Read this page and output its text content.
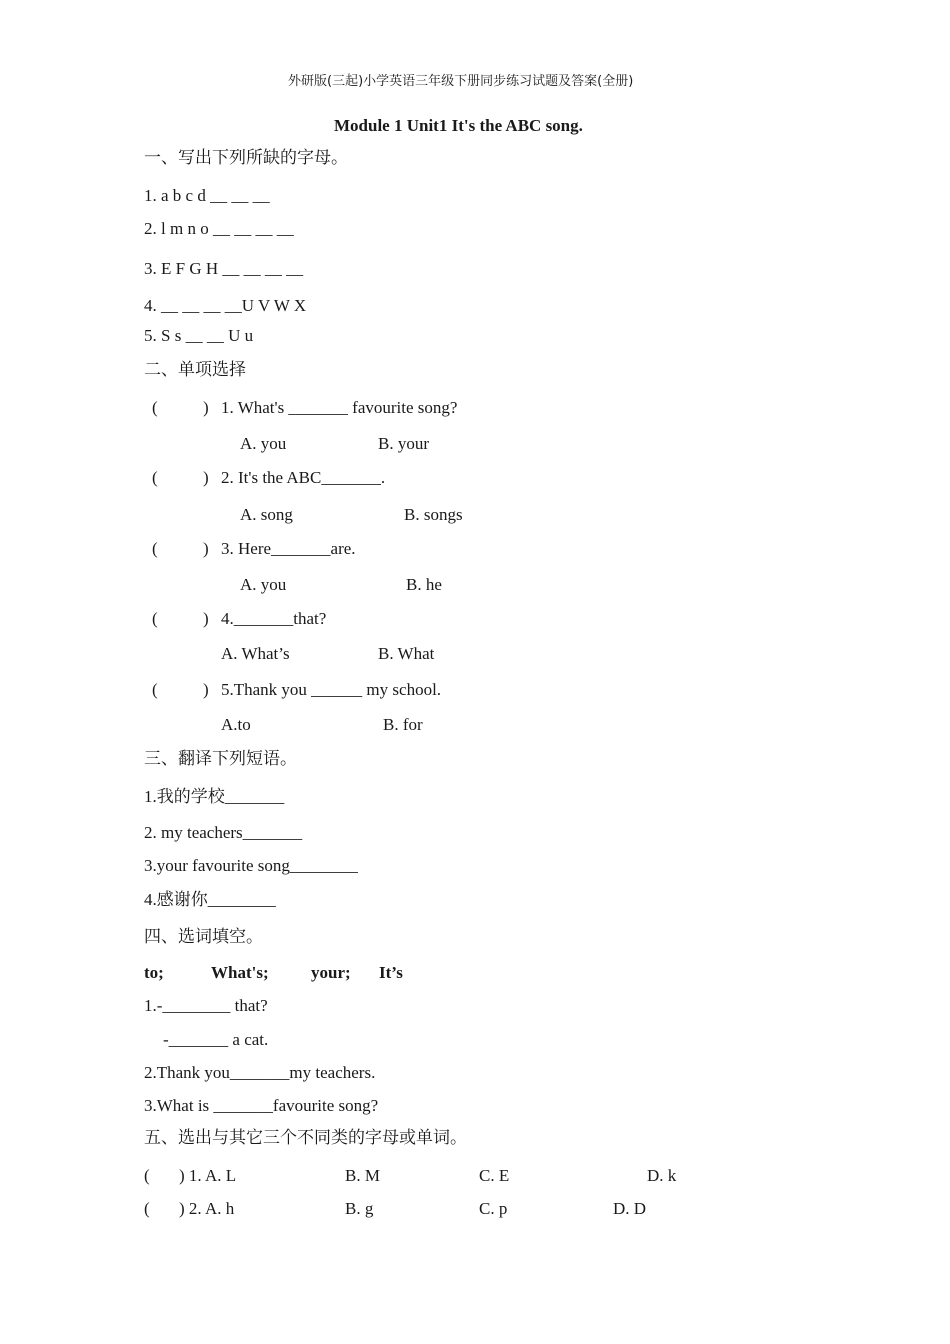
外研版(三起)小学英语三年级下册同步练习试题及答案(全册)
Module 1 Unit1 It's the ABC song.
一、写出下列所缺的字母。
1. a b c d __ __ __
2. l m n o __ __ __ __
3. E F G H __ __ __ __
4. __ __ __ __U V W X
5. S s __ __ U u
二、单项选择
(	) 1. What's _______ favourite song?
A. you	B. your
(	) 2. It's the ABC_______.
A. song	B. songs
(	) 3. Here_______are.
A. you	B. he
(	) 4._______that?
A. What’s	B. What
(	) 5.Thank you ______ my school.
A.to	B. for
三、翻译下列短语。
1.我的学校_______
2. my teachers_______
3.your favourite song________
4.感谢你________
四、选词填空。
to;	What's; your; It’s
1.-________ that?
-_______ a cat.
2.Thank you_______my teachers.
3.What is _______favourite song?
五、选出与其它三个不同类的字母或单词。
( ) 1. A. L	B. M	C. E	D. k
( ) 2. A. h	B. g	C. p	D. D
